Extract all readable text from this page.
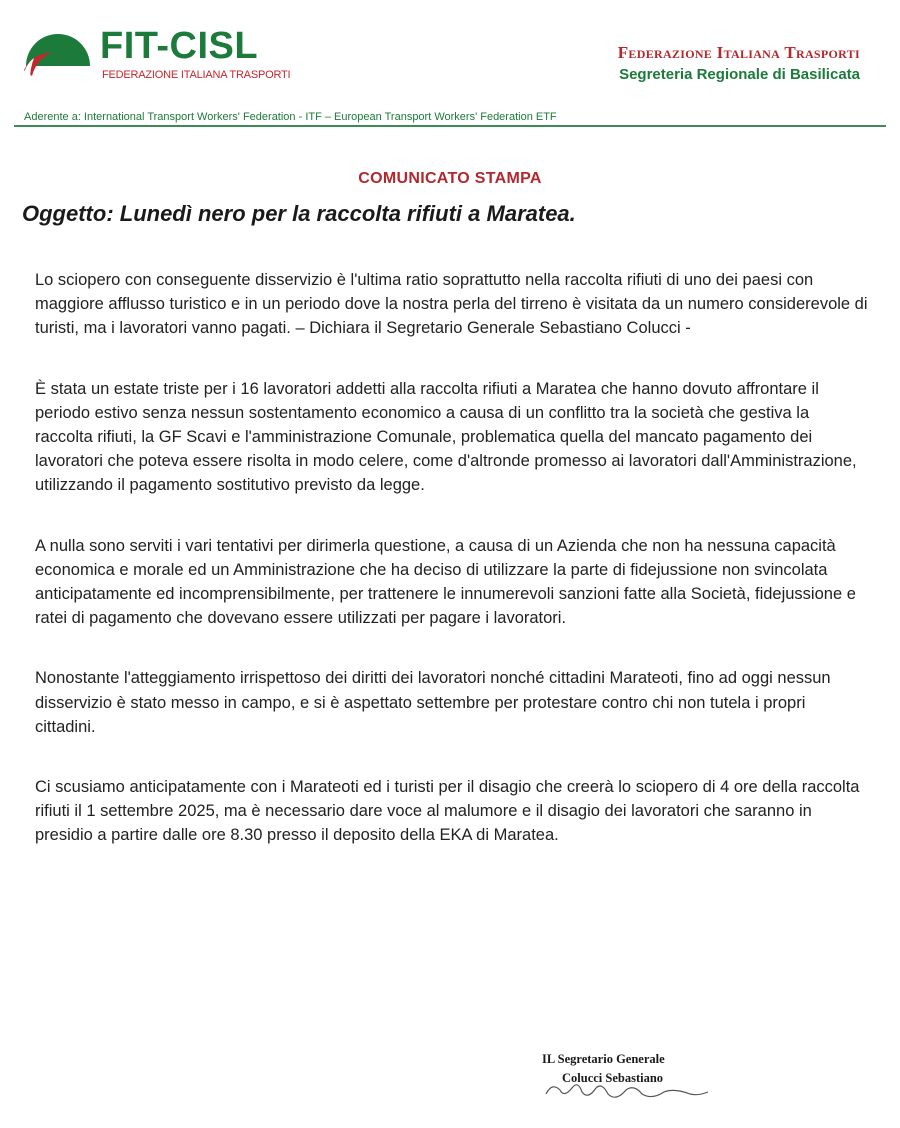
FIT-CISL
FEDERAZIONE ITALIANA TRASPORTI
Federazione Italiana Trasporti
Segreteria Regionale di Basilicata
Aderente a: International Transport Workers' Federation - ITF – European Transport Workers' Federation ETF
COMUNICATO STAMPA
Oggetto: Lunedì nero per la raccolta rifiuti a Maratea.

Lo sciopero con conseguente disservizio è l'ultima ratio soprattutto nella raccolta rifiuti di uno dei paesi con maggiore afflusso turistico e in un periodo dove la nostra perla del tirreno è visitata da un numero considerevole di turisti, ma i lavoratori vanno pagati. – Dichiara il Segretario Generale Sebastiano Colucci -

È stata un estate triste per i 16 lavoratori addetti alla raccolta rifiuti a Maratea che hanno dovuto affrontare il periodo estivo senza nessun sostentamento economico a causa di un conflitto tra la società che gestiva la raccolta rifiuti, la GF Scavi e l'amministrazione Comunale, problematica quella del mancato pagamento dei lavoratori che poteva essere risolta in modo celere, come d'altronde promesso ai lavoratori dall'Amministrazione, utilizzando il pagamento sostitutivo previsto da legge.

A nulla sono serviti i vari tentativi per dirimerla questione, a causa di un Azienda che non ha nessuna capacità economica e morale ed un Amministrazione che ha deciso di utilizzare la parte di fidejussione non svincolata anticipatamente ed incomprensibilmente, per trattenere le innumerevoli sanzioni fatte alla Società, fidejussione e ratei di pagamento che dovevano essere utilizzati per pagare i lavoratori.

Nonostante l'atteggiamento irrispettoso dei diritti dei lavoratori nonché cittadini Marateoti, fino ad oggi nessun disservizio è stato messo in campo, e si è aspettato settembre per protestare contro chi non tutela i propri cittadini.

Ci scusiamo anticipatamente con i Marateoti ed i turisti per il disagio che creerà lo sciopero di 4 ore della raccolta rifiuti il 1 settembre 2025, ma è necessario dare voce al malumore e il disagio dei lavoratori che saranno in presidio a partire dalle ore 8.30 presso il deposito della EKA di Maratea.

IL Segretario Generale

Colucci Sebastiano
